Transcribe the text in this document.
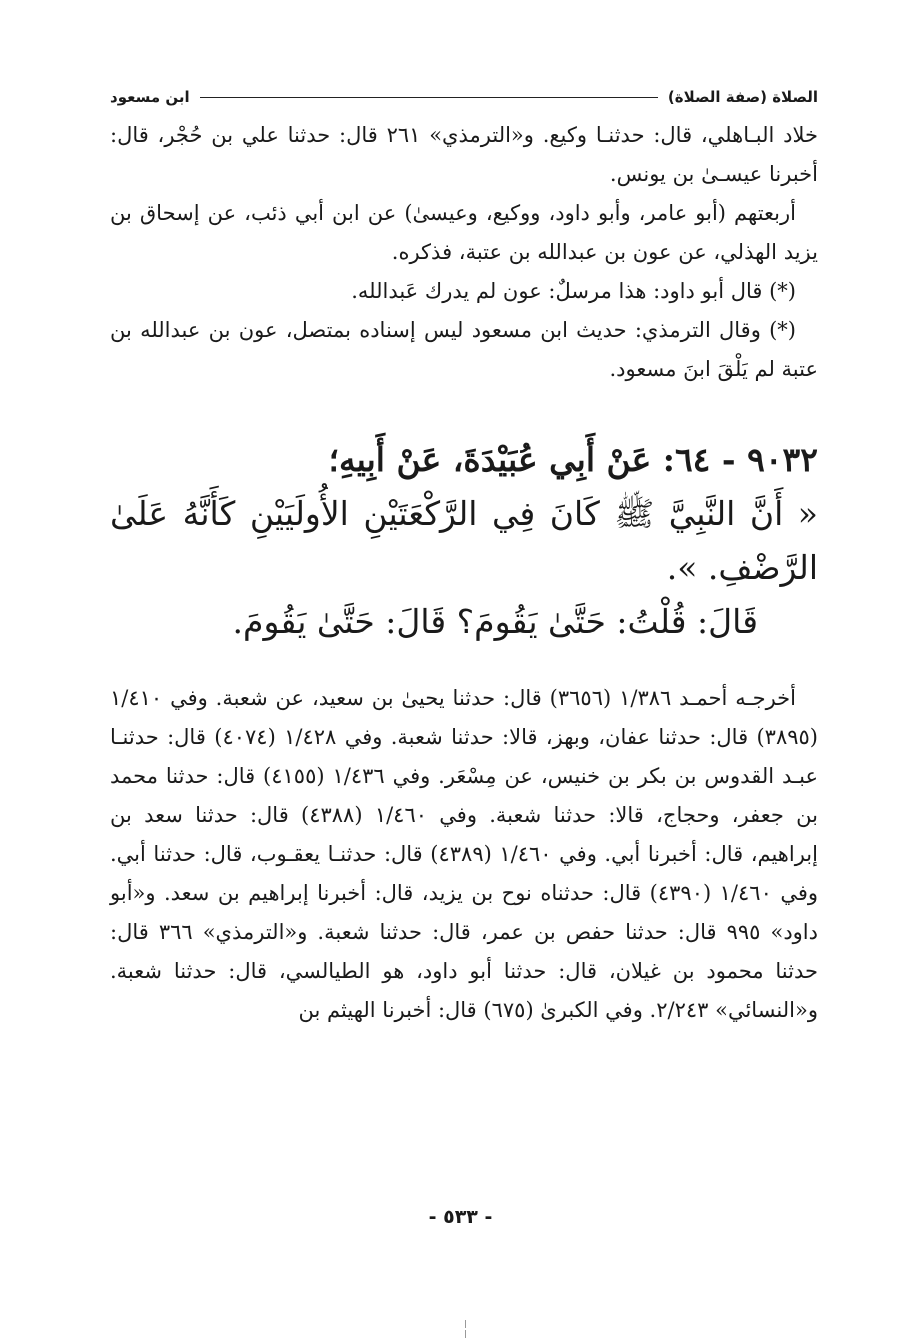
الصلاة (صفة الصلاة)
ابن مسعود

خلاد البـاهلي، قال: حدثنـا وكيع. و«الترمذي» ٢٦١ قال: حدثنا علي بن حُجْر، قال: أخبرنا عيسـىٰ بن يونس.

أربعتهم (أبو عامر، وأبو داود، ووكيع، وعيسىٰ) عن ابن أبي ذئب، عن إسحاق بن يزيد الهذلي، عن عون بن عبدالله بن عتبة، فذكره.

(*) قال أبو داود: هذا مرسلٌ: عون لم يدرك عَبدالله.

(*) وقال الترمذي: حديث ابن مسعود ليس إسناده بمتصل، عون بن عبدالله بن عتبة لم يَلْقَ ابنَ مسعود.

٩٠٣٢ - ٦٤: عَنْ أَبِي عُبَيْدَةَ، عَنْ أَبِيهِ؛

« أَنَّ النَّبِيَّ ﷺ كَانَ فِي الرَّكْعَتَيْنِ الأُولَيَيْنِ كَأَنَّهُ عَلَىٰ الرَّضْفِ. ».

قَالَ: قُلْتُ: حَتَّىٰ يَقُومَ؟ قَالَ: حَتَّىٰ يَقُومَ.

أخرجـه أحمـد ١/٣٨٦ (٣٦٥٦) قال: حدثنا يحيىٰ بن سعيد، عن شعبة. وفي ١/٤١٠ (٣٨٩٥) قال: حدثنا عفان، وبهز، قالا: حدثنا شعبة. وفي ١/٤٢٨ (٤٠٧٤) قال: حدثنـا عبـد القدوس بن بكر بن خنيس، عن مِسْعَر. وفي ١/٤٣٦ (٤١٥٥) قال: حدثنا محمد بن جعفر، وحجاج، قالا: حدثنا شعبة. وفي ١/٤٦٠ (٤٣٨٨) قال: حدثنا سعد بن إبراهيم، قال: أخبرنا أبي. وفي ١/٤٦٠ (٤٣٨٩) قال: حدثنـا يعقـوب، قال: حدثنا أبي. وفي ١/٤٦٠ (٤٣٩٠) قال: حدثناه نوح بن يزيد، قال: أخبرنا إبراهيم بن سعد. و«أبو داود» ٩٩٥ قال: حدثنا حفص بن عمر، قال: حدثنا شعبة. و«الترمذي» ٣٦٦ قال: حدثنا محمود بن غيلان، قال: حدثنا أبو داود، هو الطيالسي، قال: حدثنا شعبة. و«النسائي» ٢/٢٤٣. وفي الكبرىٰ (٦٧٥) قال: أخبرنا الهيثم بن

- ٥٣٣ -
